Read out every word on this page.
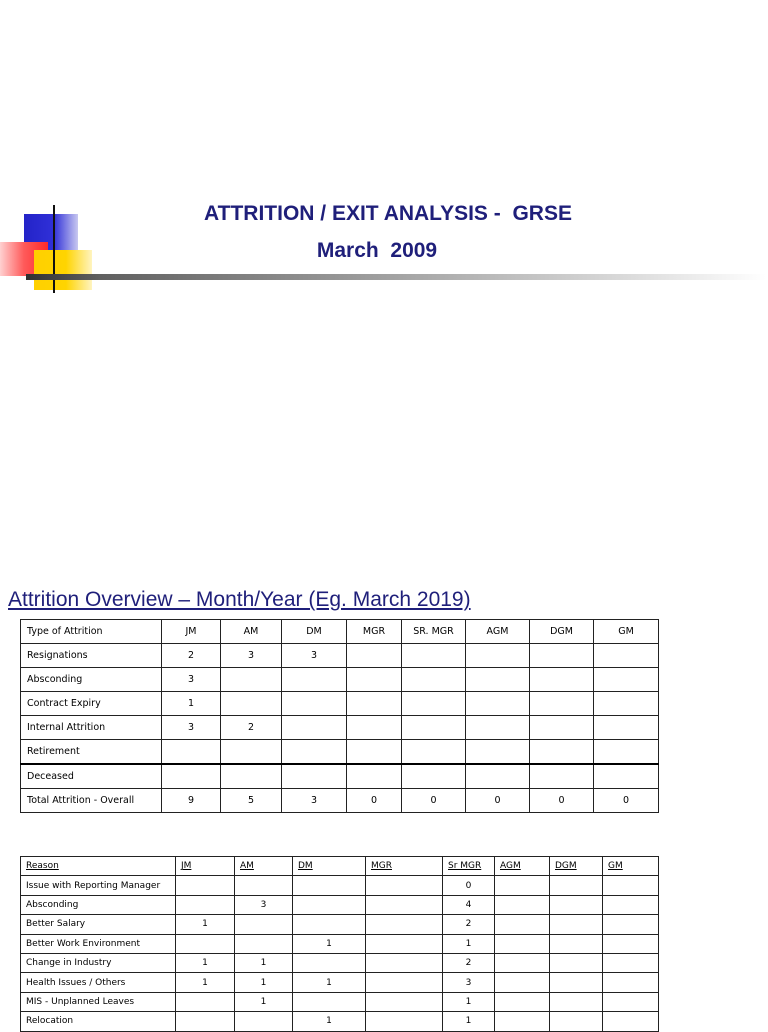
ATTRITION / EXIT ANALYSIS -  GRSE
March  2009
Attrition Overview – Month/Year (Eg. March 2019)
Type of Attrition	JM	AM	DM	MGR	SR. MGR	AGM	DGM	GM
Resignations	2	3	3					
Absconding	3							
Contract Expiry	1							
Internal Attrition	3	2						
Retirement								
Deceased								
Total Attrition - Overall	9	5	3	0	0	0	0	0
Reason	JM	AM	DM	MGR	Sr MGR	AGM	DGM	GM
Issue with Reporting Manager					0			
Absconding		3			4			
Better Salary	1				2			
Better Work Environment			1		1			
Change in Industry	1	1			2			
Health Issues / Others	1	1	1		3			
MIS - Unplanned Leaves		1			1			
Relocation			1		1			
